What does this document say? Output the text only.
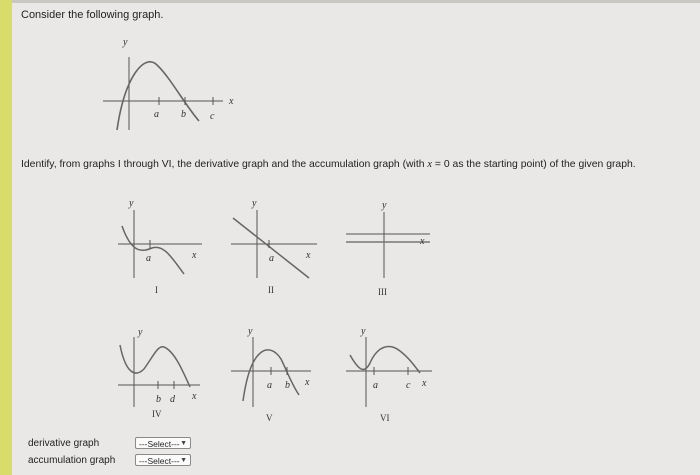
Consider the following graph.
y
x
a b c
Identify, from graphs I through VI, the derivative graph and the accumulation graph (with x = 0 as the starting point) of the given graph.
y
x
a
I
y
x
a
II
y
x
III
y
x
b d
IV
y
x
a b
V
y
x
a	c
VI
derivative graph	---Select--- ▼
accumulation graph	---Select--- ▼
